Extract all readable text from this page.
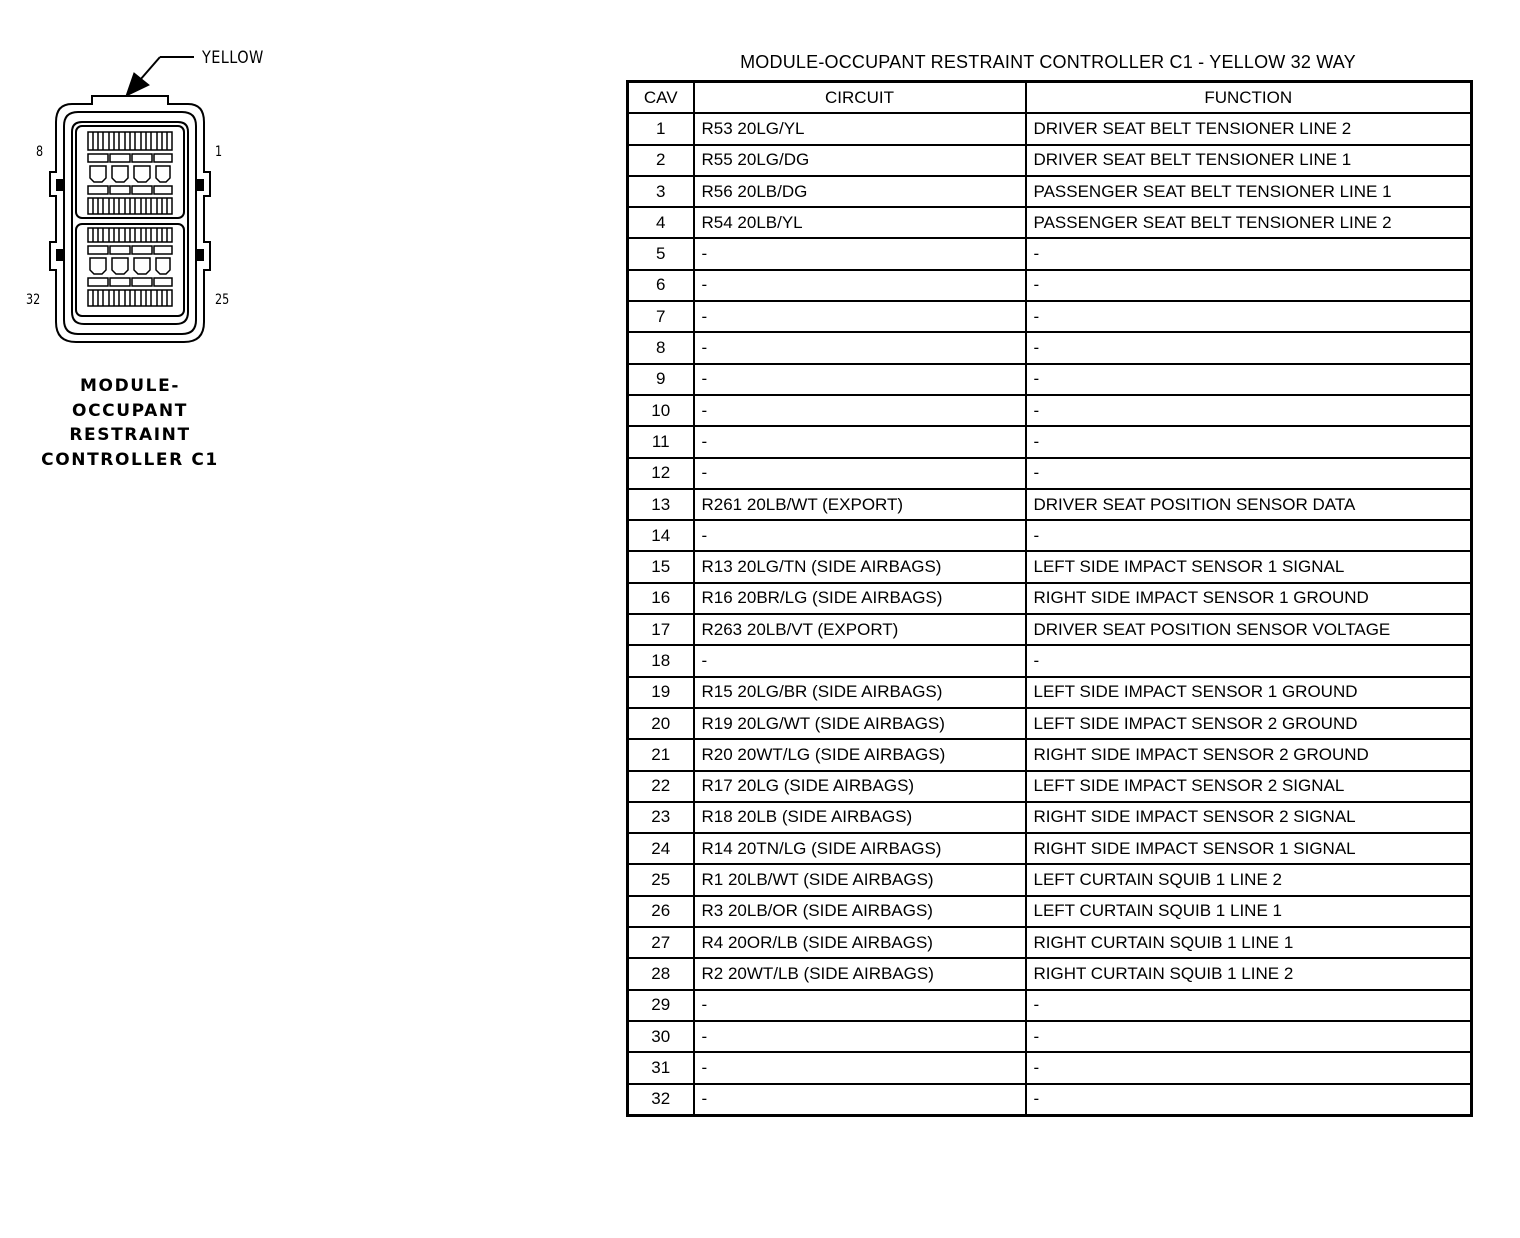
YELLOW
8	1
32	25
MODULE-
OCCUPANT
RESTRAINT
CONTROLLER C1
MODULE-OCCUPANT RESTRAINT CONTROLLER C1 - YELLOW 32 WAY
CAV	CIRCUIT	FUNCTION
1	R53 20LG/YL	DRIVER SEAT BELT TENSIONER LINE 2
2	R55 20LG/DG	DRIVER SEAT BELT TENSIONER LINE 1
3	R56 20LB/DG	PASSENGER SEAT BELT TENSIONER LINE 1
4	R54 20LB/YL	PASSENGER SEAT BELT TENSIONER LINE 2
5	-	-
6	-	-
7	-	-
8	-	-
9	-	-
10	-	-
11	-	-
12	-	-
13	R261 20LB/WT (EXPORT)	DRIVER SEAT POSITION SENSOR DATA
14	-	-
15	R13 20LG/TN (SIDE AIRBAGS)	LEFT SIDE IMPACT SENSOR 1 SIGNAL
16	R16 20BR/LG (SIDE AIRBAGS)	RIGHT SIDE IMPACT SENSOR 1 GROUND
17	R263 20LB/VT (EXPORT)	DRIVER SEAT POSITION SENSOR VOLTAGE
18	-	-
19	R15 20LG/BR (SIDE AIRBAGS)	LEFT SIDE IMPACT SENSOR 1 GROUND
20	R19 20LG/WT (SIDE AIRBAGS)	LEFT SIDE IMPACT SENSOR 2 GROUND
21	R20 20WT/LG (SIDE AIRBAGS)	RIGHT SIDE IMPACT SENSOR 2 GROUND
22	R17 20LG (SIDE AIRBAGS)	LEFT SIDE IMPACT SENSOR 2 SIGNAL
23	R18 20LB (SIDE AIRBAGS)	RIGHT SIDE IMPACT SENSOR 2 SIGNAL
24	R14 20TN/LG (SIDE AIRBAGS)	RIGHT SIDE IMPACT SENSOR 1 SIGNAL
25	R1 20LB/WT (SIDE AIRBAGS)	LEFT CURTAIN SQUIB 1 LINE 2
26	R3 20LB/OR (SIDE AIRBAGS)	LEFT CURTAIN SQUIB 1 LINE 1
27	R4 20OR/LB (SIDE AIRBAGS)	RIGHT CURTAIN SQUIB 1 LINE 1
28	R2 20WT/LB (SIDE AIRBAGS)	RIGHT CURTAIN SQUIB 1 LINE 2
29	-	-
30	-	-
31	-	-
32	-	-
